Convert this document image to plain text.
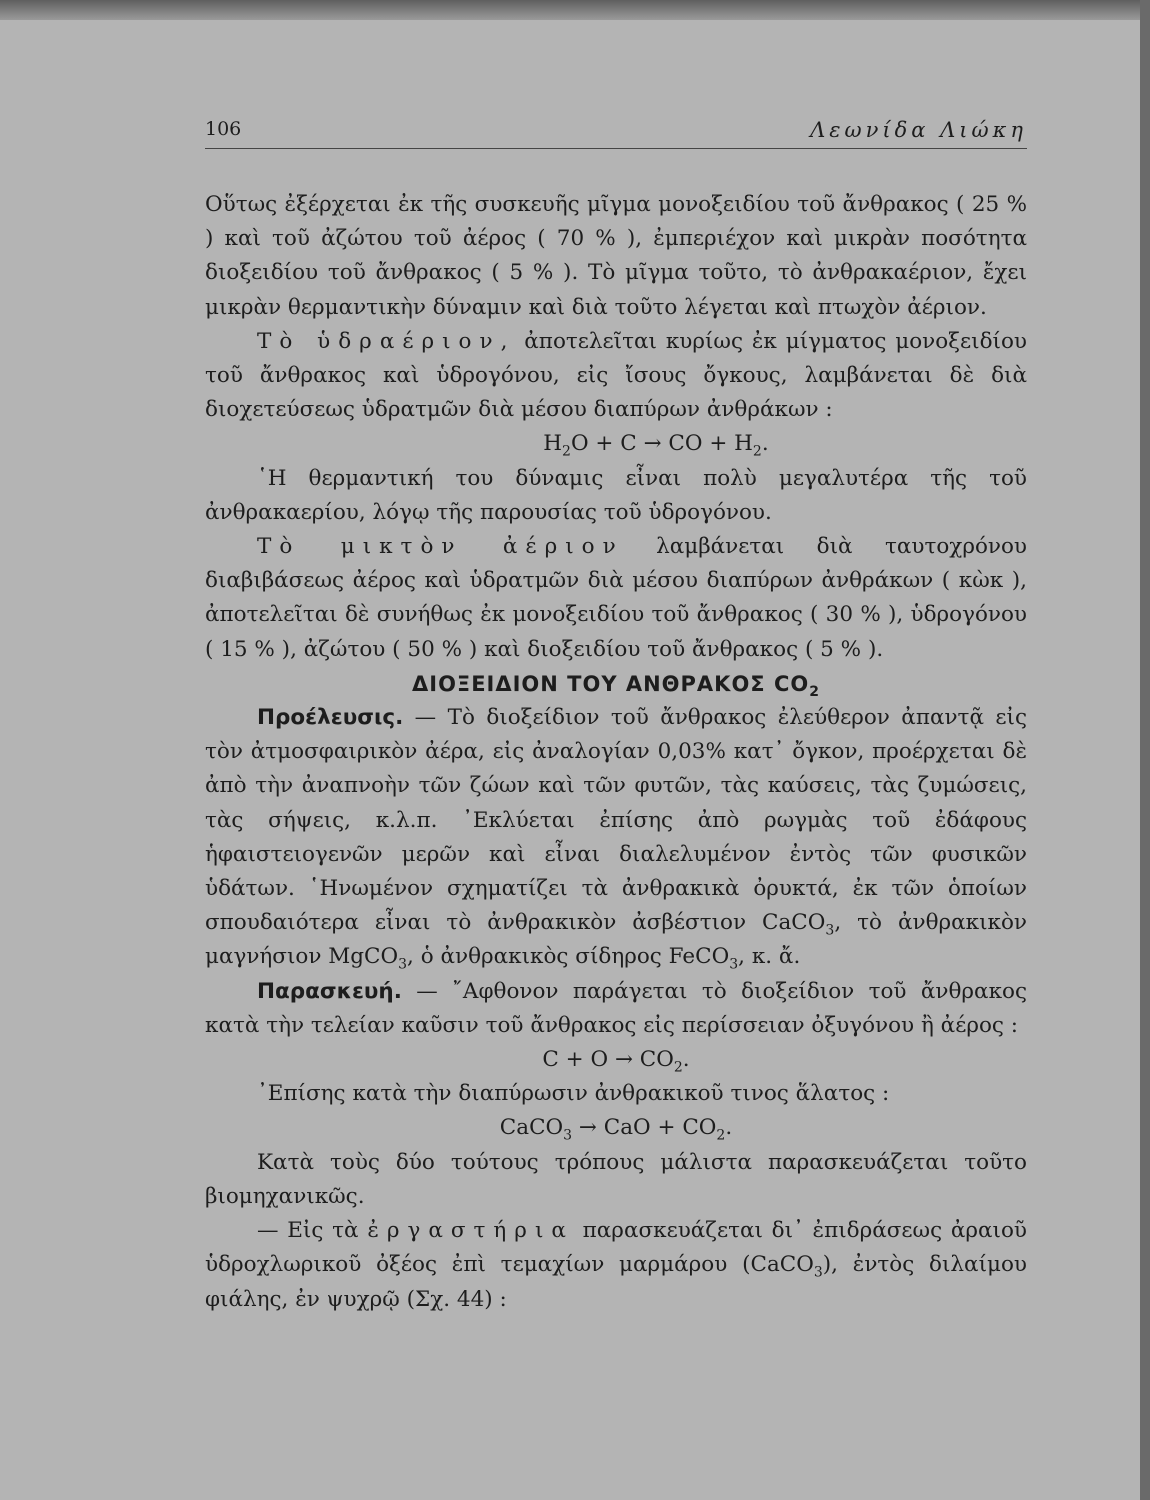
106	Λεωνίδα Λιώκη

Οὕτως ἐξέρχεται ἐκ τῆς συσκευῆς μῖγμα μονοξειδίου τοῦ ἄνθρακος ( 25 % ) καὶ τοῦ ἀζώτου τοῦ ἀέρος ( 70 % ), ἐμπεριέχον καὶ μικρὰν ποσότητα διοξειδίου τοῦ ἄνθρακος ( 5 % ). Τὸ μῖγμα τοῦτο, τὸ ἀνθρακαέριον, ἔχει μικρὰν θερμαντικὴν δύναμιν καὶ διὰ τοῦτο λέγεται καὶ πτωχὸν ἀέριον.

Τὸ ὑδραέριον, ἀποτελεῖται κυρίως ἐκ μίγματος μονοξειδίου τοῦ ἄνθρακος καὶ ὑδρογόνου, εἰς ἴσους ὄγκους, λαμβάνεται δὲ διὰ διοχετεύσεως ὑδρατμῶν διὰ μέσου διαπύρων ἀνθράκων :

$H_2O + C$ → CO + $H_2$.

῾Η θερμαντική του δύναμις εἶναι πολὺ μεγαλυτέρα τῆς τοῦ ἀνθρακαερίου, λόγῳ τῆς παρουσίας τοῦ ὑδρογόνου.

Τὸ μικτὸν ἀέριον λαμβάνεται διὰ ταυτοχρόνου διαβιβάσεως ἀέρος καὶ ὑδρατμῶν διὰ μέσου διαπύρων ἀνθράκων ( κὼκ ), ἀποτελεῖται δὲ συνήθως ἐκ μονοξειδίου τοῦ ἄνθρακος ( 30 % ), ὑδρογόνου ( 15 % ), ἀζώτου ( 50 % ) καὶ διοξειδίου τοῦ ἄνθρακος ( 5 % ).

ΔΙΟΞΕΙΔΙΟΝ ΤΟΥ ΑΝΘΡΑΚΟΣ $CO_2$

Προέλευσις. — Τὸ διοξείδιον τοῦ ἄνθρακος ἐλεύθερον ἀπαντᾷ εἰς τὸν ἀτμοσφαιρικὸν ἀέρα, εἰς ἀναλογίαν 0,03% κατ᾽ ὄγκον, προέρχεται δὲ ἀπὸ τὴν ἀναπνοὴν τῶν ζώων καὶ τῶν φυτῶν, τὰς καύσεις, τὰς ζυμώσεις, τὰς σήψεις, κ.λ.π. ᾽Εκλύεται ἐπίσης ἀπὸ ρωγμὰς τοῦ ἐδάφους ἡφαιστειογενῶν μερῶν καὶ εἶναι διαλελυμένον ἐντὸς τῶν φυσικῶν ὑδάτων. ῾Ηνωμένον σχηματίζει τὰ ἀνθρακικὰ ὀρυκτά, ἐκ τῶν ὁποίων σπουδαιότερα εἶναι τὸ ἀνθρακικὸν ἀσβέστιον CaCO$_3$, τὸ ἀνθρακικὸν μαγνήσιον MgCO$_3$, ὁ ἀνθρακικὸς σίδηρος FeCO$_3$, κ. ἄ.

Παρασκευή. — ῎Αφθονον παράγεται τὸ διοξείδιον τοῦ ἄνθρακος κατὰ τὴν τελείαν καῦσιν τοῦ ἄνθρακος εἰς περίσσειαν ὀξυγόνου ἢ ἀέρος :

$C + O \to CO_2$.

᾽Επίσης κατὰ τὴν διαπύρωσιν ἀνθρακικοῦ τινος ἅλατος :

CaCO$_3$ → CaO + $CO_2$.

Κατὰ τοὺς δύο τούτους τρόπους μάλιστα παρασκευάζεται τοῦτο βιομηχανικῶς.

— Εἰς τὰ ἐργαστήρια παρασκευάζεται δι᾽ ἐπιδράσεως ἀραιοῦ ὑδροχλωρικοῦ ὀξέος ἐπὶ τεμαχίων μαρμάρου (CaCO$_3$), ἐντὸς διλαίμου φιάλης, ἐν ψυχρῷ (Σχ. 44) :
